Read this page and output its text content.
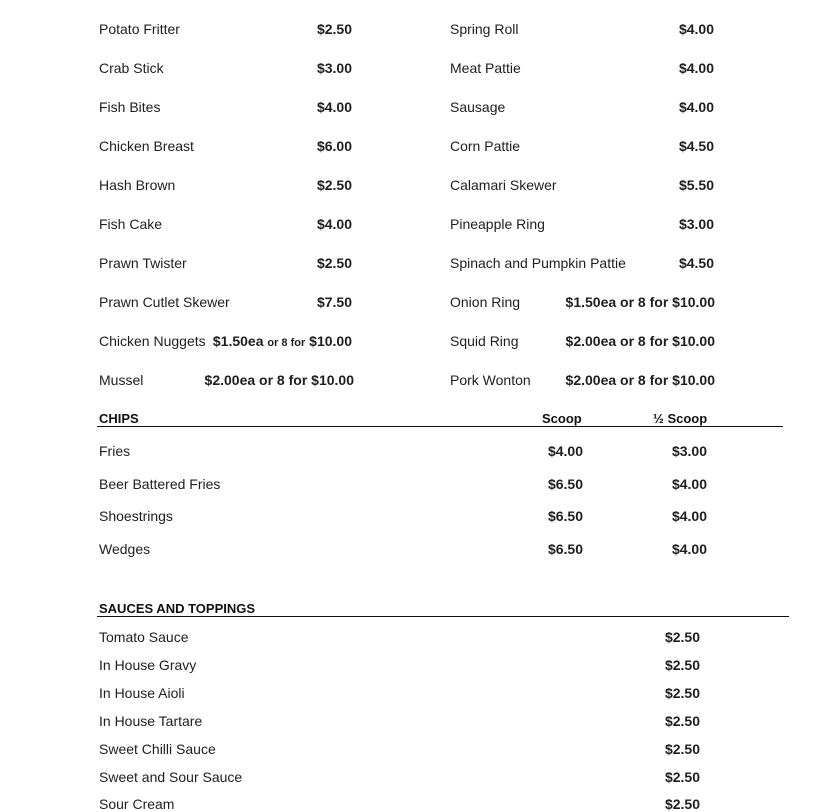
Potato Fritter	$2.50
Crab Stick	$3.00
Fish Bites	$4.00
Chicken Breast	$6.00
Hash Brown	$2.50
Fish Cake	$4.00
Prawn Twister	$2.50
Prawn Cutlet Skewer	$7.50
Chicken Nuggets $1.50ea or 8 for $10.00
Mussel	$2.00ea or 8 for $10.00
Spring Roll	$4.00
Meat Pattie	$4.00
Sausage	$4.00
Corn Pattie	$4.50
Calamari Skewer	$5.50
Pineapple Ring	$3.00
Spinach and Pumpkin Pattie	$4.50
Onion Ring	$1.50ea or 8 for $10.00
Squid Ring	$2.00ea or 8 for $10.00
Pork Wonton	$2.00ea or 8 for $10.00
CHIPS	Scoop	½ Scoop
Fries	$4.00	$3.00
Beer Battered Fries	$6.50	$4.00
Shoestrings	$6.50	$4.00
Wedges	$6.50	$4.00
SAUCES AND TOPPINGS
Tomato Sauce	$2.50
In House Gravy	$2.50
In House Aioli	$2.50
In House Tartare	$2.50
Sweet Chilli Sauce	$2.50
Sweet and Sour Sauce	$2.50
Sour Cream	$2.50
